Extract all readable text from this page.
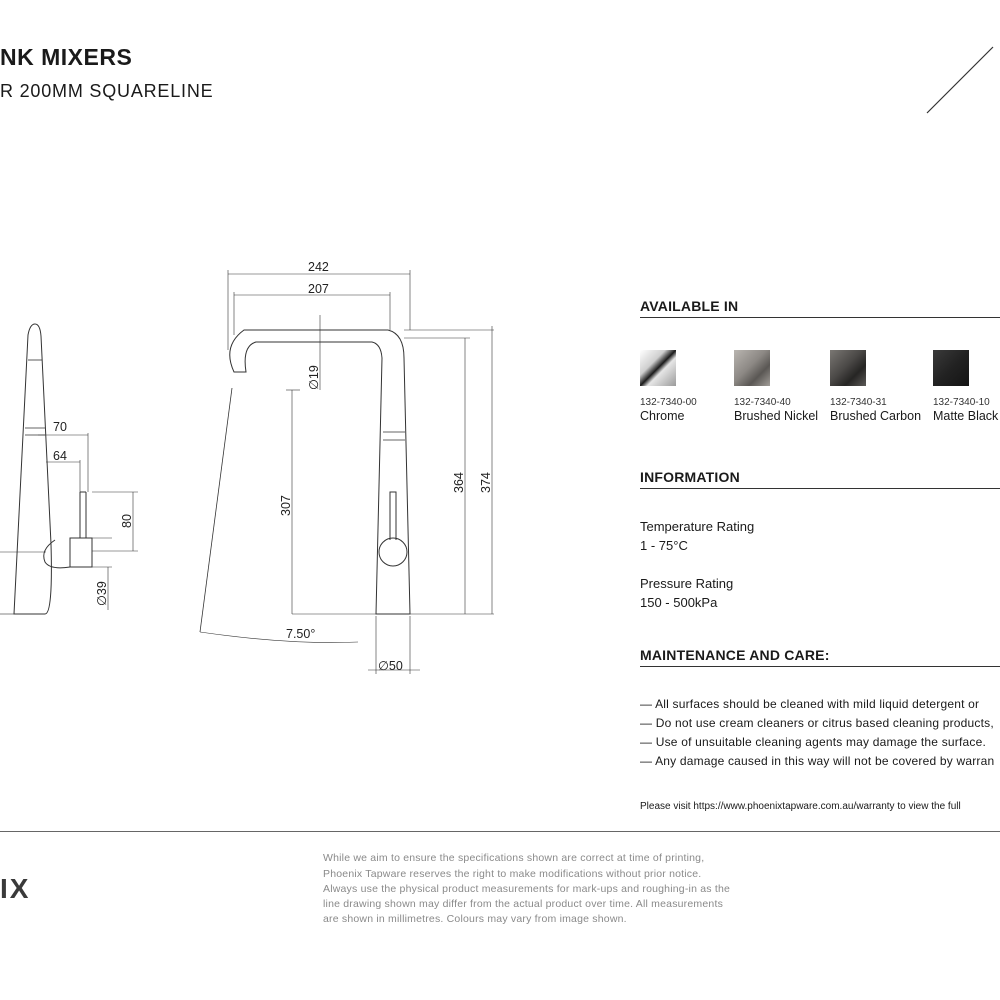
NK MIXERS
R 200MM SQUARELINE
70
64
80
∅39
242
207
∅19
307
364 374
7.50°
∅50
AVAILABLE IN
132-7340-00
Chrome
132-7340-40
Brushed Nickel
132-7340-31
Brushed Carbon
132-7340-10
Matte Black
INFORMATION
Temperature Rating
1 - 75°C
Pressure Rating
150 - 500kPa
MAINTENANCE AND CARE:
— All surfaces should be cleaned with mild liquid detergent or
— Do not use cream cleaners or citrus based cleaning products,
— Use of unsuitable cleaning agents may damage the surface.
— Any damage caused in this way will not be covered by warran
Please visit https://www.phoenixtapware.com.au/warranty to view the full
IX
While we aim to ensure the specifications shown are correct at time of printing,
Phoenix Tapware reserves the right to make modifications without prior notice.
Always use the physical product measurements for mark-ups and roughing-in as the
line drawing shown may differ from the actual product over time. All measurements
are shown in millimetres. Colours may vary from image shown.
